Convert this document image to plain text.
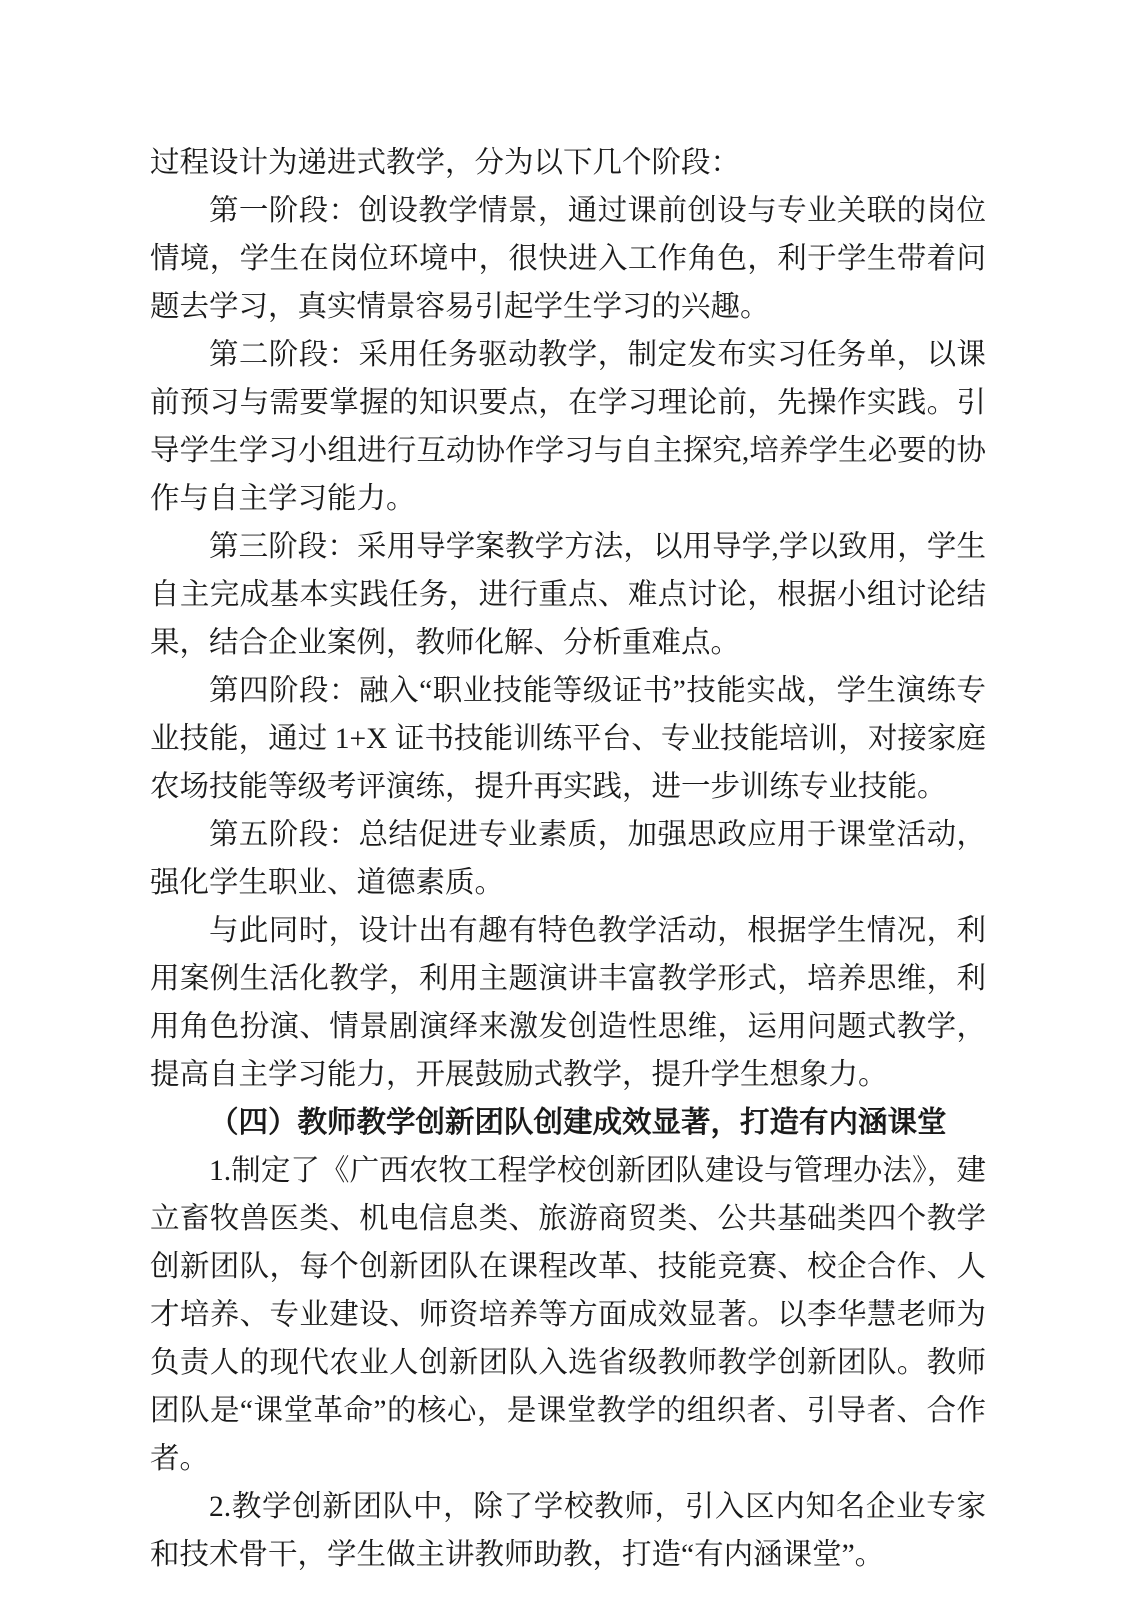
过程设计为递进式教学，分为以下几个阶段：

第一阶段：创设教学情景，通过课前创设与专业关联的岗位情境，学生在岗位环境中，很快进入工作角色，利于学生带着问题去学习，真实情景容易引起学生学习的兴趣。

第二阶段：采用任务驱动教学，制定发布实习任务单，以课前预习与需要掌握的知识要点，在学习理论前，先操作实践。引导学生学习小组进行互动协作学习与自主探究,培养学生必要的协作与自主学习能力。

第三阶段：采用导学案教学方法，以用导学,学以致用，学生自主完成基本实践任务，进行重点、难点讨论，根据小组讨论结果，结合企业案例，教师化解、分析重难点。

第四阶段：融入“职业技能等级证书”技能实战，学生演练专业技能，通过 1+X 证书技能训练平台、专业技能培训，对接家庭农场技能等级考评演练，提升再实践，进一步训练专业技能。

第五阶段：总结促进专业素质，加强思政应用于课堂活动，强化学生职业、道德素质。

与此同时，设计出有趣有特色教学活动，根据学生情况，利用案例生活化教学，利用主题演讲丰富教学形式，培养思维，利用角色扮演、情景剧演绎来激发创造性思维，运用问题式教学，提高自主学习能力，开展鼓励式教学，提升学生想象力。

（四）教师教学创新团队创建成效显著，打造有内涵课堂

1.制定了《广西农牧工程学校创新团队建设与管理办法》，建立畜牧兽医类、机电信息类、旅游商贸类、公共基础类四个教学创新团队，每个创新团队在课程改革、技能竞赛、校企合作、人才培养、专业建设、师资培养等方面成效显著。以李华慧老师为负责人的现代农业人创新团队入选省级教师教学创新团队。教师团队是“课堂革命”的核心，是课堂教学的组织者、引导者、合作者。

2.教学创新团队中，除了学校教师，引入区内知名企业专家和技术骨干，学生做主讲教师助教，打造“有内涵课堂”。
